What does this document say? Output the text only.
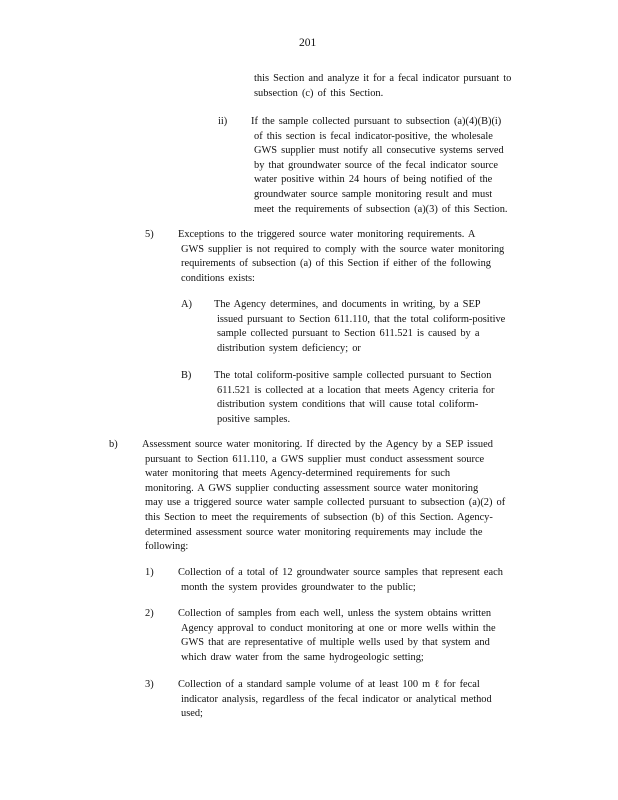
201
this Section and analyze it for a fecal indicator pursuant to
subsection (c) of this Section.
ii) If the sample collected pursuant to subsection (a)(4)(B)(i)
of this section is fecal indicator-positive, the wholesale
GWS supplier must notify all consecutive systems served
by that groundwater source of the fecal indicator source
water positive within 24 hours of being notified of the
groundwater source sample monitoring result and must
meet the requirements of subsection (a)(3) of this Section.
5) Exceptions to the triggered source water monitoring requirements. A
GWS supplier is not required to comply with the source water monitoring
requirements of subsection (a) of this Section if either of the following
conditions exists:
A) The Agency determines, and documents in writing, by a SEP
issued pursuant to Section 611.110, that the total coliform-positive
sample collected pursuant to Section 611.521 is caused by a
distribution system deficiency; or
B) The total coliform-positive sample collected pursuant to Section
611.521 is collected at a location that meets Agency criteria for
distribution system conditions that will cause total coliform-
positive samples.
b) Assessment source water monitoring. If directed by the Agency by a SEP issued
pursuant to Section 611.110, a GWS supplier must conduct assessment source
water monitoring that meets Agency-determined requirements for such
monitoring. A GWS supplier conducting assessment source water monitoring
may use a triggered source water sample collected pursuant to subsection (a)(2) of
this Section to meet the requirements of subsection (b) of this Section. Agency-
determined assessment source water monitoring requirements may include the
following:
1) Collection of a total of 12 groundwater source samples that represent each
month the system provides groundwater to the public;
2) Collection of samples from each well, unless the system obtains written
Agency approval to conduct monitoring at one or more wells within the
GWS that are representative of multiple wells used by that system and
which draw water from the same hydrogeologic setting;
3) Collection of a standard sample volume of at least 100 m ℓ for fecal
indicator analysis, regardless of the fecal indicator or analytical method
used;
